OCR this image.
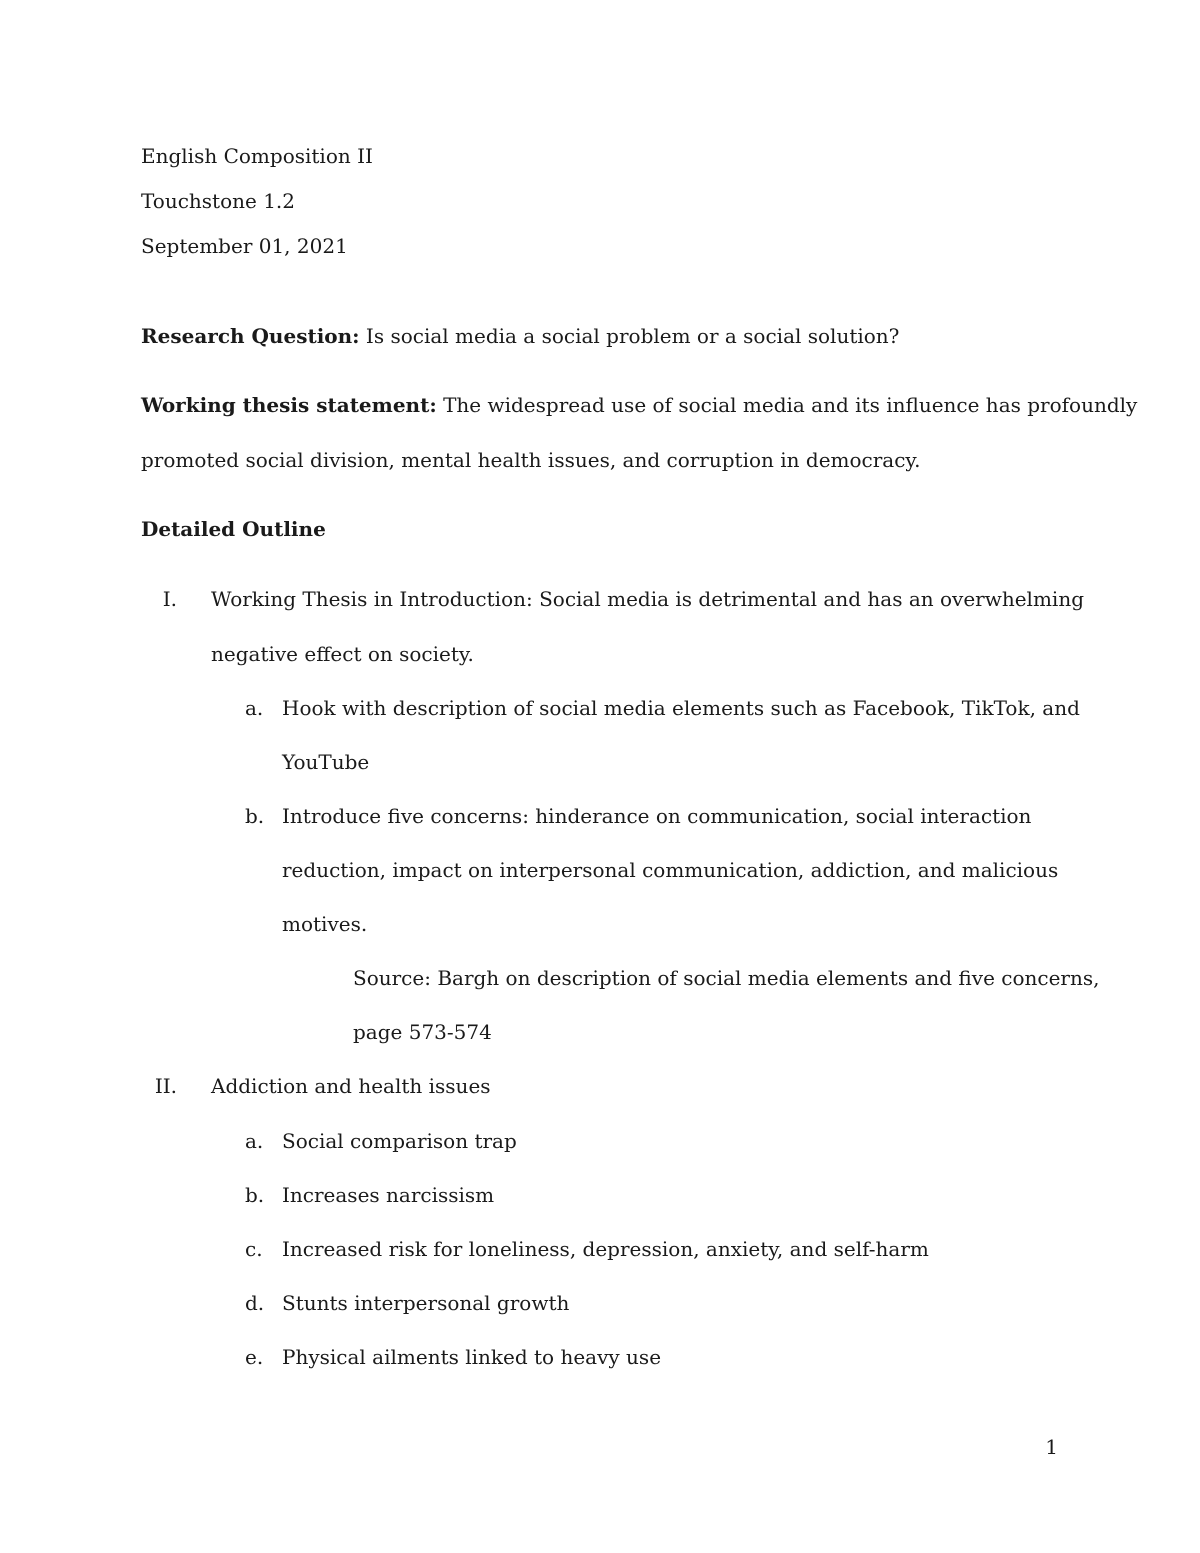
English Composition II
Touchstone 1.2
September 01, 2021
Research Question: Is social media a social problem or a social solution?
Working thesis statement: The widespread use of social media and its influence has profoundly
promoted social division, mental health issues, and corruption in democracy.
Detailed Outline
I. Working Thesis in Introduction: Social media is detrimental and has an overwhelming
negative effect on society.
a. Hook with description of social media elements such as Facebook, TikTok, and
YouTube
b. Introduce five concerns: hinderance on communication, social interaction
reduction, impact on interpersonal communication, addiction, and malicious
motives.
Source: Bargh on description of social media elements and five concerns,
page 573-574
II. Addiction and health issues
a. Social comparison trap
b. Increases narcissism
c. Increased risk for loneliness, depression, anxiety, and self-harm
d. Stunts interpersonal growth
e. Physical ailments linked to heavy use
1
